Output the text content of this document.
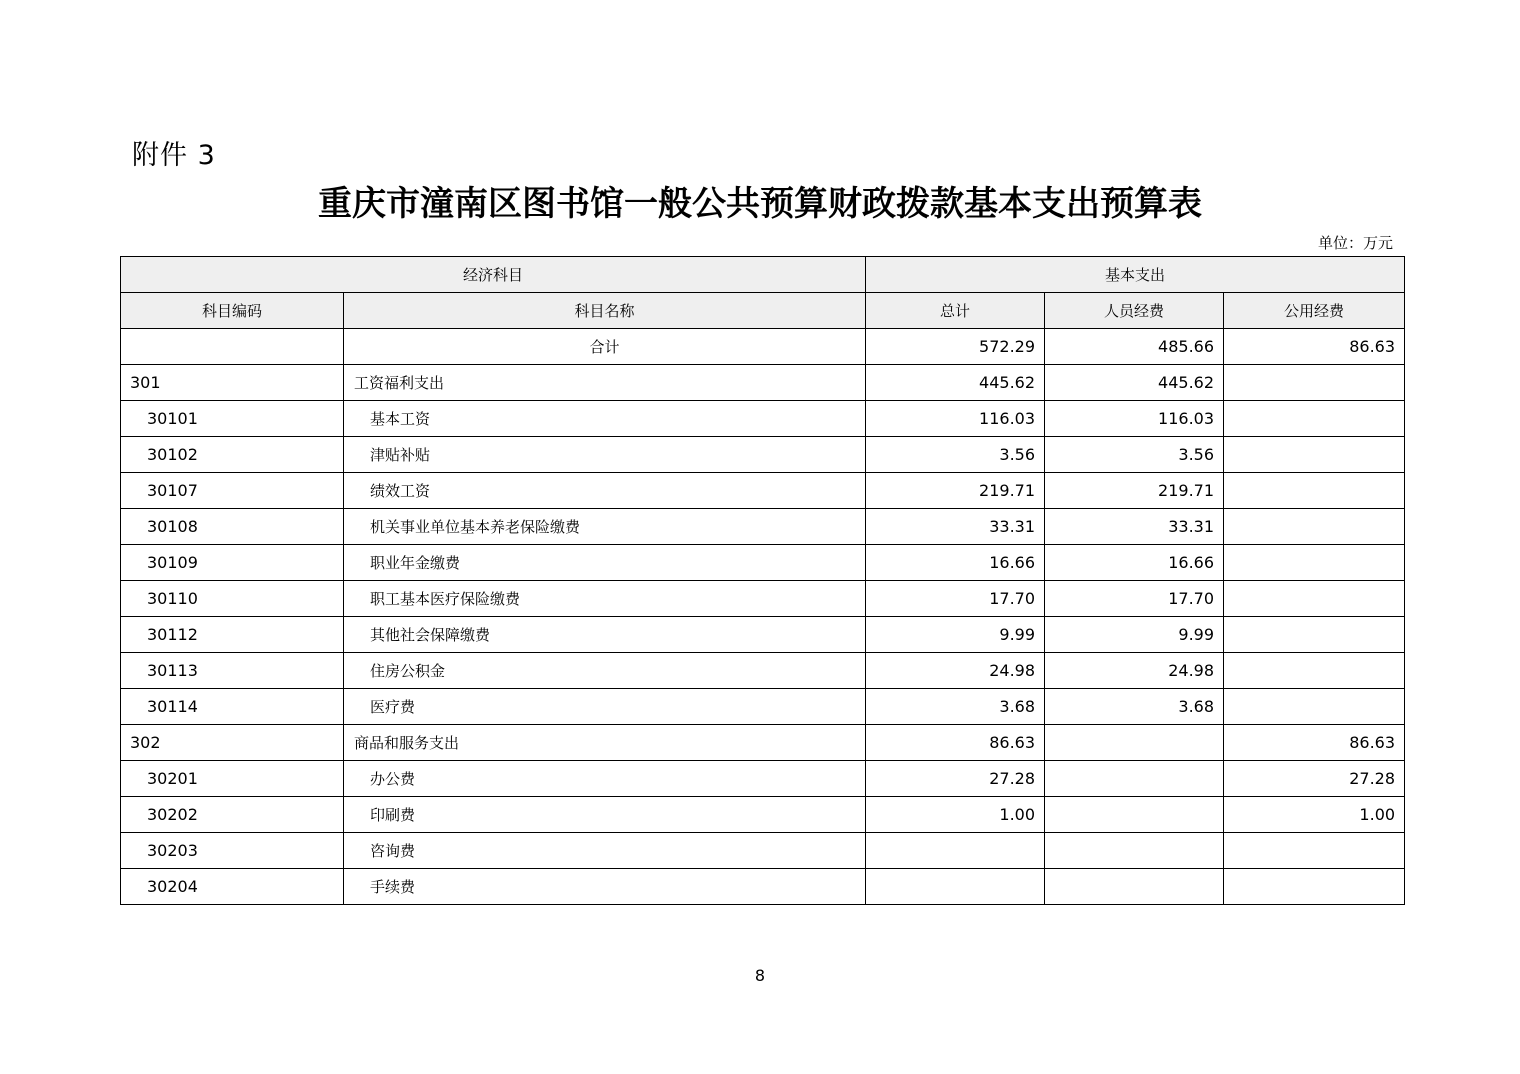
附件 3
重庆市潼南区图书馆一般公共预算财政拨款基本支出预算表
单位：万元
经济科目		基本支出		
科目编码	科目名称	总计	人员经费	公用经费
	合计	572.29	485.66	86.63
301	工资福利支出	445.62	445.62	
30101	基本工资	116.03	116.03	
30102	津贴补贴	3.56	3.56	
30107	绩效工资	219.71	219.71	
30108	机关事业单位基本养老保险缴费	33.31	33.31	
30109	职业年金缴费	16.66	16.66	
30110	职工基本医疗保险缴费	17.70	17.70	
30112	其他社会保障缴费	9.99	9.99	
30113	住房公积金	24.98	24.98	
30114	医疗费	3.68	3.68	
302	商品和服务支出	86.63		86.63
30201	办公费	27.28		27.28
30202	印刷费	1.00		1.00
30203	咨询费			
30204	手续费			
8
